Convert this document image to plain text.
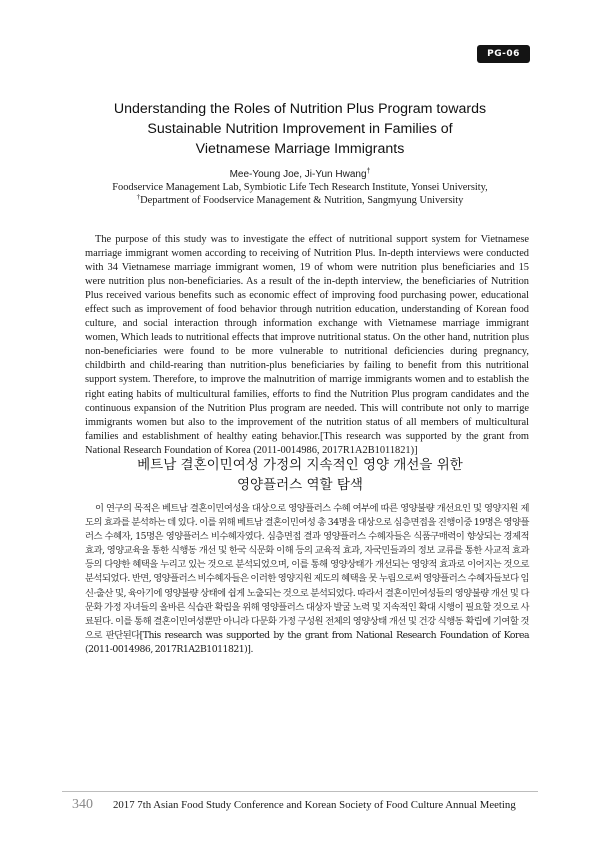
PG-06
Understanding the Roles of Nutrition Plus Program towards
Sustainable Nutrition Improvement in Families of
Vietnamese Marriage Immigrants
Mee-Young Joe, Ji-Yun Hwang†
Foodservice Management Lab, Symbiotic Life Tech Research Institute, Yonsei University,
†Department of Foodservice Management & Nutrition, Sangmyung University

The purpose of this study was to investigate the effect of nutritional support system for Vietnamese marriage immigrant women according to receiving of Nutrition Plus. In-depth interviews were conducted with 34 Vietnamese marriage immigrant women, 19 of whom were nutrition plus beneficiaries and 15 were nutrition plus non-beneficiaries. As a result of the in-depth interview, the beneficiaries of Nutrition Plus received various benefits such as economic effect of improving food purchasing power, educational effect such as improvement of food behavior through nutrition education, understanding of Korean food culture, and social interaction through information exchange with Vietnamese marriage immigrant women, Which leads to nutritional effects that improve nutritional status. On the other hand, nutrition plus non-beneficiaries were found to be more vulnerable to nutritional deficiencies during pregnancy, childbirth and child-rearing than nutrition-plus beneficiaries by failing to benefit from this nutritional support system. Therefore, to improve the malnutrition of marrige immigrants women and to establish the right eating habits of multicultural families, efforts to find the Nutrition Plus program candidates and the continuous expansion of the Nutrition Plus program are needed. This will contribute not only to marrige immigrants women but also to the improvement of the nutrition status of all members of multicultural families and establishment of healthy eating behavior.[This research was supported by the grant from National Research Foundation of Korea (2011-0014986, 2017R1A2B1011821)]

베트남 결혼이민여성 가정의 지속적인 영양 개선을 위한
영양플러스 역할 탐색

이 연구의 목적은 베트남 결혼이민여성을 대상으로 영양플러스 수혜 여부에 따른 영양불량 개선요인 및 영양지원 제도의 효과를 분석하는 데 있다. 이를 위해 베트남 결혼이민여성 총 34명을 대상으로 심층면접을 진행이중 19명은 영양플러스 수혜자, 15명은 영양플러스 비수혜자였다. 심층면접 결과 영양플러스 수혜자들은 식품구매력이 향상되는 경제적 효과, 영양교육을 통한 식행동 개선 및 한국 식문화 이해 등의 교육적 효과, 자국민들과의 정보 교류를 통한 사교적 효과 등의 다양한 혜택을 누리고 있는 것으로 분석되었으며, 이를 통해 영양상태가 개선되는 영양적 효과로 이어지는 것으로 분석되었다. 반면, 영양플러스 비수혜자들은 이러한 영양지원 제도의 혜택을 못 누림으로써 영양플러스 수혜자들보다 임신·출산 및, 육아기에 영양불량 상태에 쉽게 노출되는 것으로 분석되었다. 따라서 결혼이민여성들의 영양불량 개선 및 다문화 가정 자녀들의 올바른 식습관 확립을 위해 영양플러스 대상자 발굴 노력 및 지속적인 확대 시행이 필요할 것으로 사료된다. 이를 통해 결혼이민여성뿐만 아니라 다문화 가정 구성원 전체의 영양상태 개선 및 건강 식행동 확립에 기여할 것으로 판단된다[This research was supported by the grant from National Research Foundation of Korea (2011-0014986, 2017R1A2B1011821)].

340 2017 7th Asian Food Study Conference and Korean Society of Food Culture Annual Meeting
